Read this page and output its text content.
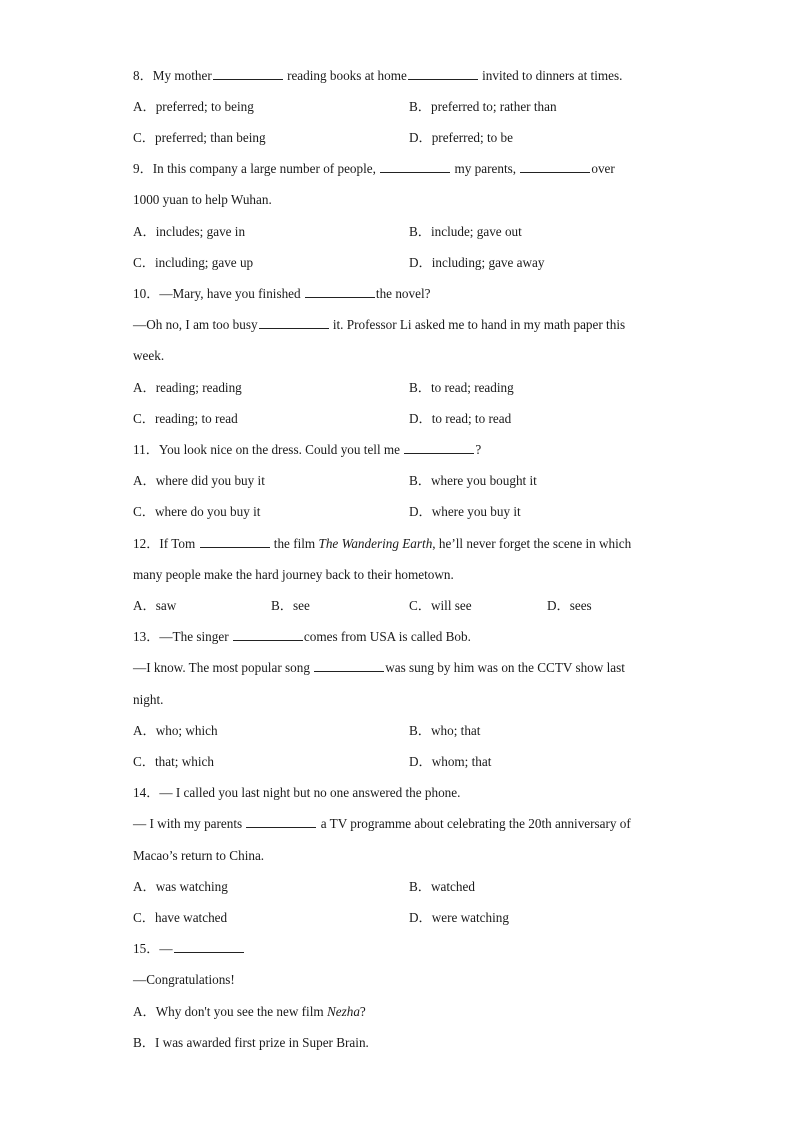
8．My mother	reading books at home	invited to dinners at times.
A．preferred; to being	B．preferred to; rather than
C．preferred; than being	D．preferred; to be
9．In this company a large number of people,	my parents,	over
1000 yuan to help Wuhan.
A．includes; gave in	B．include; gave out
C．including; gave up	D．including; gave away
10．—Mary, have you finished	the novel?
—Oh no, I am too busy	it. Professor Li asked me to hand in my math paper this
week.
A．reading; reading	B．to read; reading
C．reading; to read	D．to read; to read
11．You look nice on the dress. Could you tell me	?
A．where did you buy it	B．where you bought it
C．where do you buy it	D．where you buy it
12．If Tom	the film The Wandering Earth, he’ll never forget the scene in which
many people make the hard journey back to their hometown.
A．saw	B．see	C．will see	D．sees
13．—The singer	comes from USA is called Bob.
—I know. The most popular song	was sung by him was on the CCTV show last
night.
A．who; which	B．who; that
C．that; which	D．whom; that
14．— I called you last night but no one answered the phone.
— I with my parents	a TV programme about celebrating the 20th anniversary of
Macao’s return to China.
A．was watching	B．watched
C．have watched	D．were watching
15．—
—Congratulations!
A．Why don't you see the new film Nezha?
B．I was awarded first prize in Super Brain.
